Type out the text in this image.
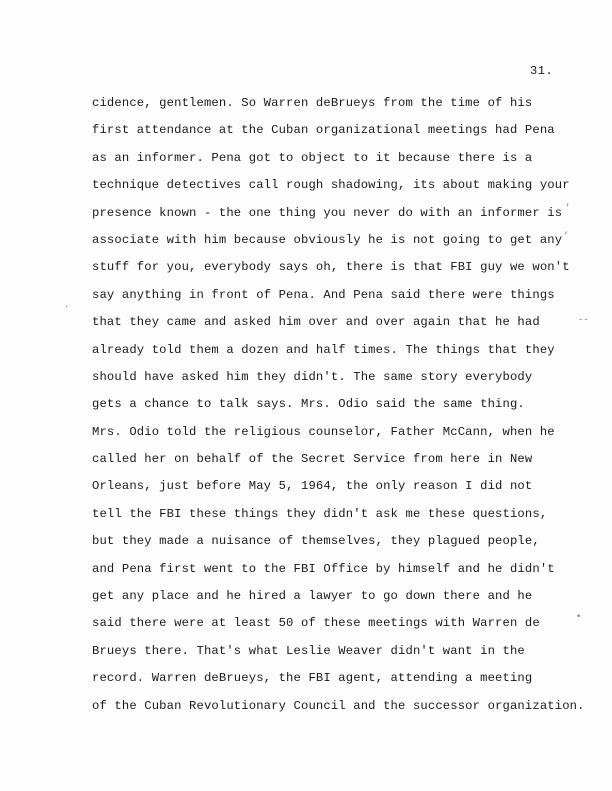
31.
cidence, gentlemen. So Warren deBrueys from the time of his
first attendance at the Cuban organizational meetings had Pena
as an informer. Pena got to object to it because there is a
technique detectives call rough shadowing, its about making your
presence known - the one thing you never do with an informer is
associate with him because obviously he is not going to get any
stuff for you, everybody says oh, there is that FBI guy we won't
say anything in front of Pena. And Pena said there were things
that they came and asked him over and over again that he had
already told them a dozen and half times. The things that they
should have asked him they didn't. The same story everybody
gets a chance to talk says. Mrs. Odio said the same thing.
Mrs. Odio told the religious counselor, Father McCann, when he
called her on behalf of the Secret Service from here in New
Orleans, just before May 5, 1964, the only reason I did not
tell the FBI these things they didn't ask me these questions,
but they made a nuisance of themselves, they plagued people,
and Pena first went to the FBI Office by himself and he didn't
get any place and he hired a lawyer to go down there and he
said there were at least 50 of these meetings with Warren de
Brueys there. That's what Leslie Weaver didn't want in the
record. Warren deBrueys, the FBI agent, attending a meeting
of the Cuban Revolutionary Council and the successor organization.
'
,
·
--
•
